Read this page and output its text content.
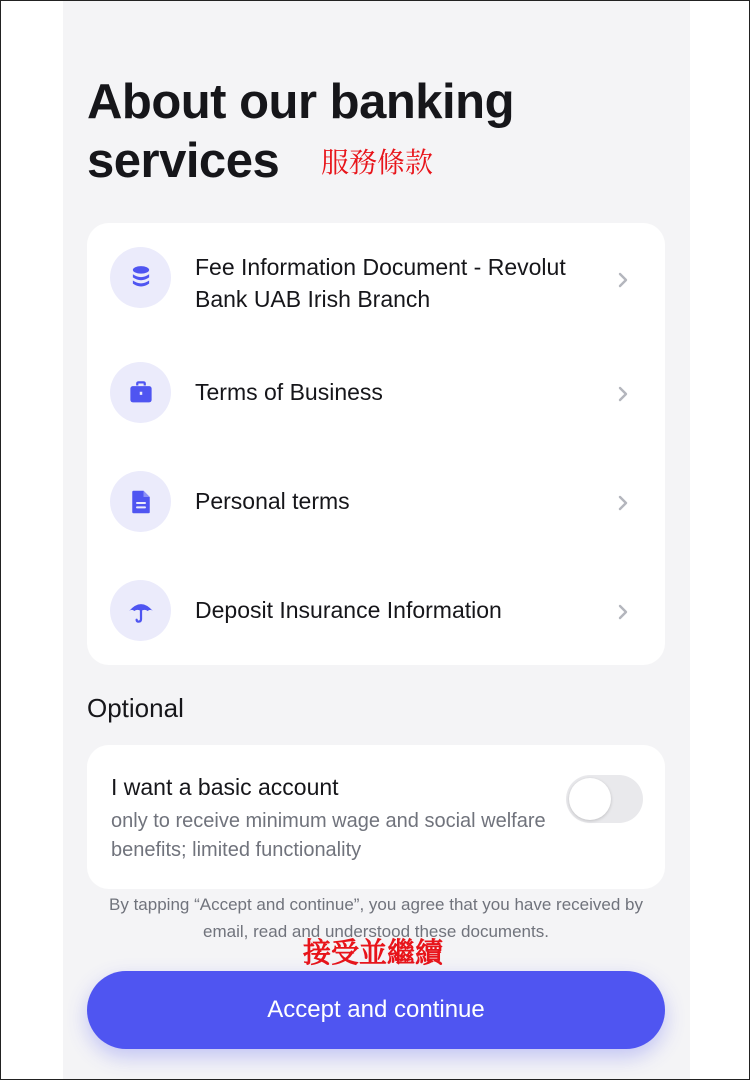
About our banking services	服務條款
Fee Information Document - Revolut Bank UAB Irish Branch
Terms of Business
Personal terms
Deposit Insurance Information
Optional
I want a basic account
only to receive minimum wage and social welfare benefits; limited functionality
By tapping “Accept and continue”, you agree that you have received by email, read and understood these documents.
接受並繼續
Accept and continue
